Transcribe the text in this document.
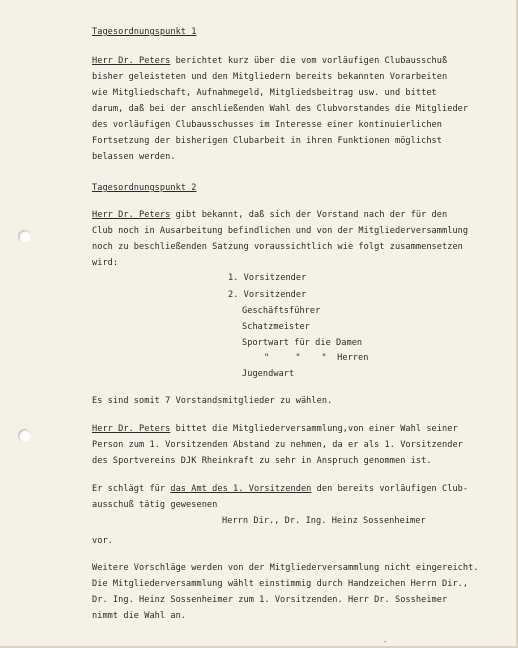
Tagesordnungspunkt 1
Herr Dr. Peters berichtet kurz über die vom vorläufigen Clubausschuß
bisher geleisteten und den Mitgliedern bereits bekannten Vorarbeiten
wie Mitgliedschaft, Aufnahmegeld, Mitgliedsbeitrag usw. und bittet
darum, daß bei der anschließenden Wahl des Clubvorstandes die Mitglieder
des vorläufigen Clubausschusses im Interesse einer kontinuierlichen
Fortsetzung der bisherigen Clubarbeit in ihren Funktionen möglichst
belassen werden.
Tagesordnungspunkt 2
Herr Dr. Peters gibt bekannt, daß sich der Vorstand nach der für den
Club noch in Ausarbeitung befindlichen und von der Mitgliederversammlung
noch zu beschließenden Satzung voraussichtlich wie folgt zusammensetzen
wird:
1. Vorsitzender
2. Vorsitzender
Geschäftsführer
Schatzmeister
Sportwart für die Damen
"     "    "  Herren
Jugendwart
Es sind somit 7 Vorstandsmitglieder zu wählen.
Herr Dr. Peters bittet die Mitgliederversammlung,von einer Wahl seiner
Person zum 1. Vorsitzenden Abstand zu nehmen, da er als 1. Vorsitzender
des Sportvereins DJK Rheinkraft zu sehr in Anspruch genommen ist.
Er schlägt für das Amt des 1. Vorsitzenden den bereits vorläufigen Club-
ausschuß tätig gewesenen
Herrn Dir., Dr. Ing. Heinz Sossenheimer
vor.
Weitere Vorschläge werden von der Mitgliederversammlung nicht eingereicht.
Die Mitgliederversammlung wählt einstimmig durch Handzeichen Herrn Dir.,
Dr. Ing. Heinz Sossenheimer zum 1. Vorsitzenden. Herr Dr. Sossheimer
nimmt die Wahl an.
-
